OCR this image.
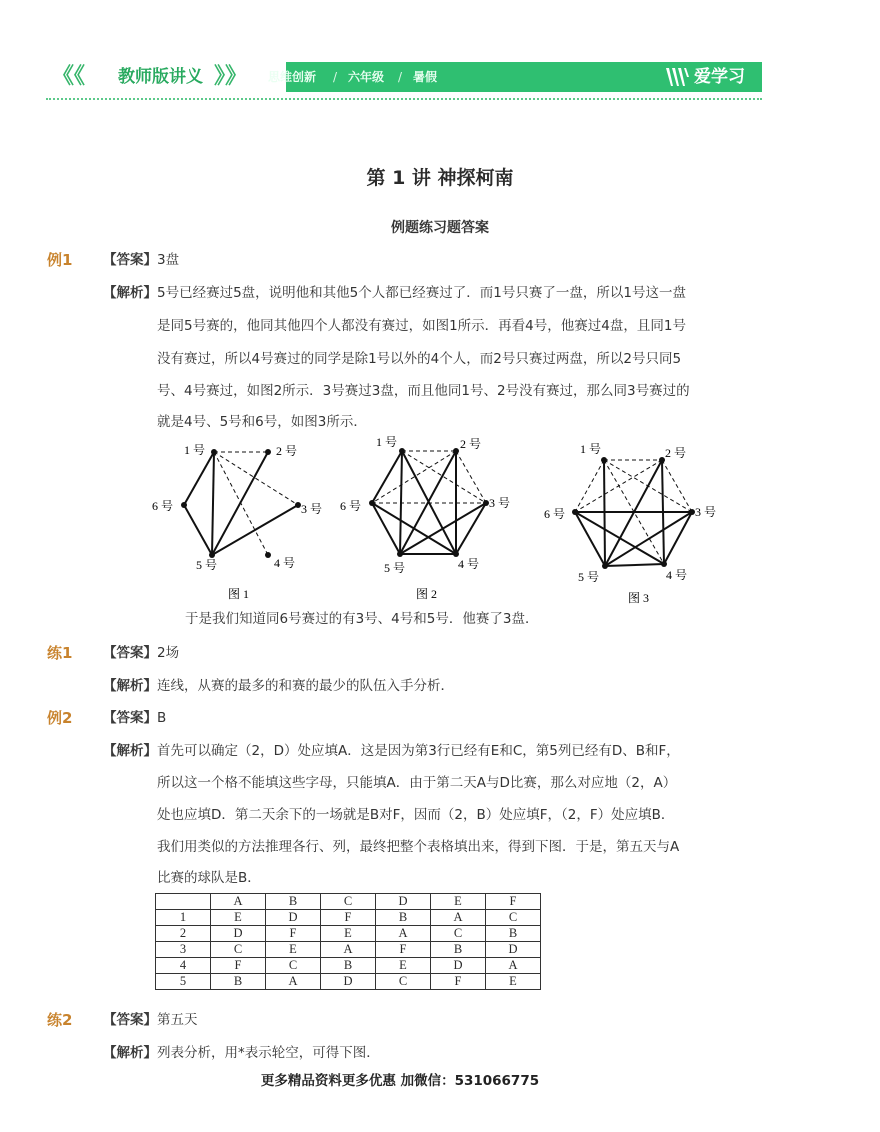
《《 教师版讲义 》》 思维创新 / 六年级 / 暑假	爱学习
第 1 讲 神探柯南
例题练习题答案
例1 【答案】 3盘
【解析】 5号已经赛过5盘，说明他和其他5个人都已经赛过了．而1号只赛了一盘，所以1号这一盘
是同5号赛的，他同其他四个人都没有赛过，如图1所示．再看4号，他赛过4盘，且同1号
没有赛过，所以4号赛过的同学是除1号以外的4个人，而2号只赛过两盘，所以2号只同5
号、4号赛过，如图2所示．3号赛过3盘，而且他同1号、2号没有赛过，那么同3号赛过的
就是4号、5号和6号，如图3所示．
1 号	2 号
3 号
4 号
5 号
6 号
图 1
1 号	2 号
3 号
4 号
5 号
6 号
图 2
1 号	2 号
3 号
4 号
5 号
6 号
图 3
于是我们知道同6号赛过的有3号、4号和5号．他赛了3盘．
练1 【答案】 2场
【解析】 连线，从赛的最多的和赛的最少的队伍入手分析．
例2 【答案】 B
【解析】 首先可以确定（2，D）处应填A．这是因为第3行已经有E和C，第5列已经有D、B和F，
所以这一个格不能填这些字母，只能填A．由于第二天A与D比赛，那么对应地（2，A）
处也应填D．第二天余下的一场就是B对F，因而（2，B）处应填F，（2，F）处应填B．
我们用类似的方法推理各行、列，最终把整个表格填出来，得到下图．于是，第五天与A
比赛的球队是B．
	A	B	C	D	E	F
1	E	D	F	B	A	C
2	D	F	E	A	C	B
3	C	E	A	F	B	D
4	F	C	B	E	D	A
5	B	A	D	C	F	E
练2 【答案】 第五天
【解析】 列表分析，用*表示轮空，可得下图．
更多精品资料更多优惠 加微信：531066775
